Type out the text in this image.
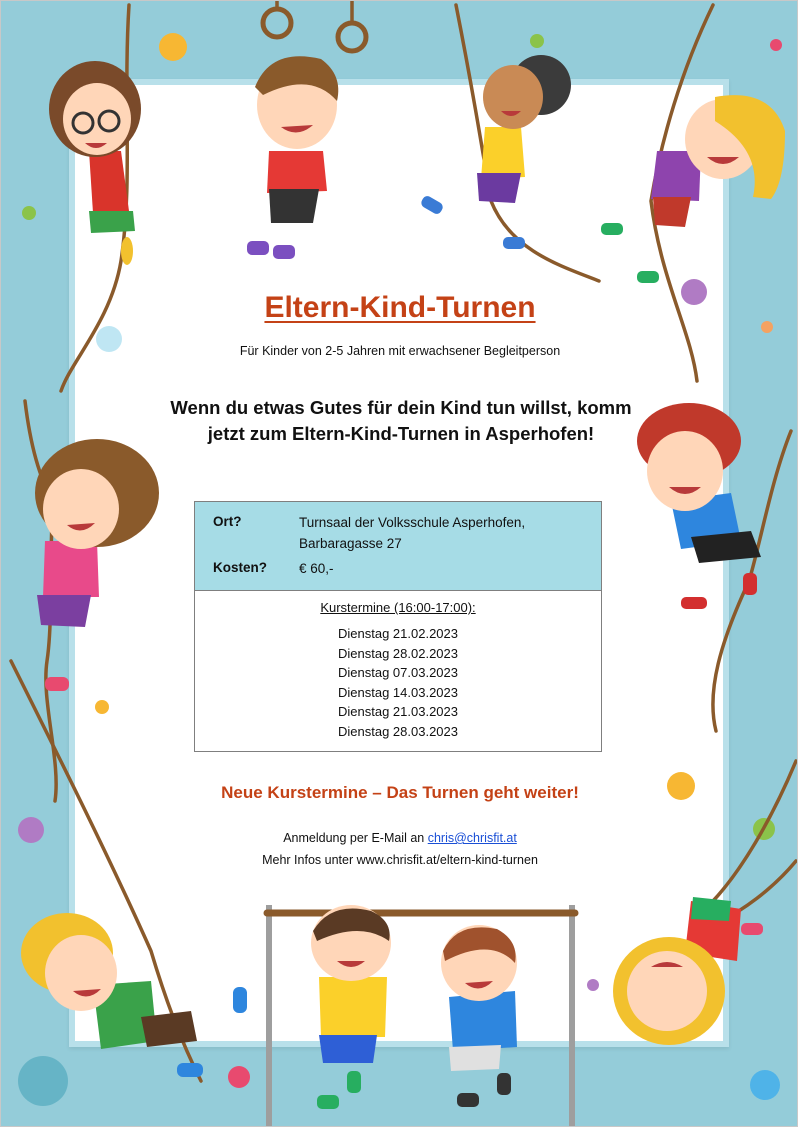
Eltern-Kind-Turnen
Für Kinder von 2-5 Jahren mit erwachsener Begleitperson
Wenn du etwas Gutes für dein Kind tun willst, komm jetzt zum Eltern-Kind-Turnen in Asperhofen!
Ort?	Turnsaal der Volksschule Asperhofen,
Barbaragasse 27
Kosten? € 60,-
Kurstermine (16:00-17:00):
Dienstag 21.02.2023
Dienstag 28.02.2023
Dienstag 07.03.2023
Dienstag 14.03.2023
Dienstag 21.03.2023
Dienstag 28.03.2023
Neue Kurstermine – Das Turnen geht weiter!
Anmeldung per E-Mail an chris@chrisfit.at
Mehr Infos unter www.chrisfit.at/eltern-kind-turnen
